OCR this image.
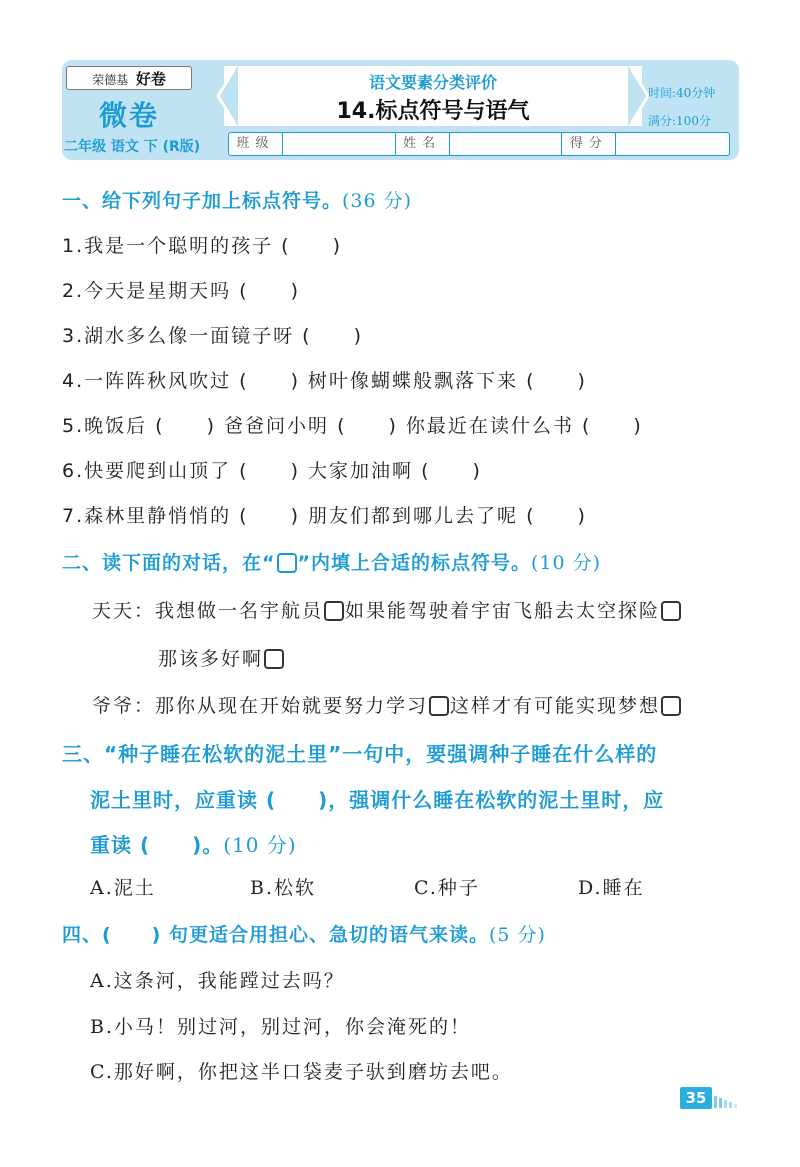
荣德基 好卷
微卷
二年级 语文 下 (R版)
语文要素分类评价
14.标点符号与语气
时间:40分钟
满分:100分
班级	姓名	得分
一、给下列句子加上标点符号。(36 分)
1.我是一个聪明的孩子 (　　)
2.今天是星期天吗 (　　)
3.湖水多么像一面镜子呀 (　　)
4.一阵阵秋风吹过 (　　) 树叶像蝴蝶般飘落下来 (　　)
5.晚饭后 (　　) 爸爸问小明 (　　) 你最近在读什么书 (　　)
6.快要爬到山顶了 (　　) 大家加油啊 (　　)
7.森林里静悄悄的 (　　) 朋友们都到哪儿去了呢 (　　)
二、读下面的对话，在“ ”内填上合适的标点符号。(10 分)
天天：我想做一名宇航员 如果能驾驶着宇宙飞船去太空探险
那该多好啊
爷爷：那你从现在开始就要努力学习 这样才有可能实现梦想
三、“种子睡在松软的泥土里”一句中，要强调种子睡在什么样的
泥土里时，应重读 (　　)，强调什么睡在松软的泥土里时，应
重读 (　　)。(10 分)
A.泥土	B.松软	C.种子	D.睡在
四、(　　) 句更适合用担心、急切的语气来读。(5 分)
A.这条河，我能蹚过去吗？
B.小马！别过河，别过河，你会淹死的！
C.那好啊，你把这半口袋麦子驮到磨坊去吧。
35
